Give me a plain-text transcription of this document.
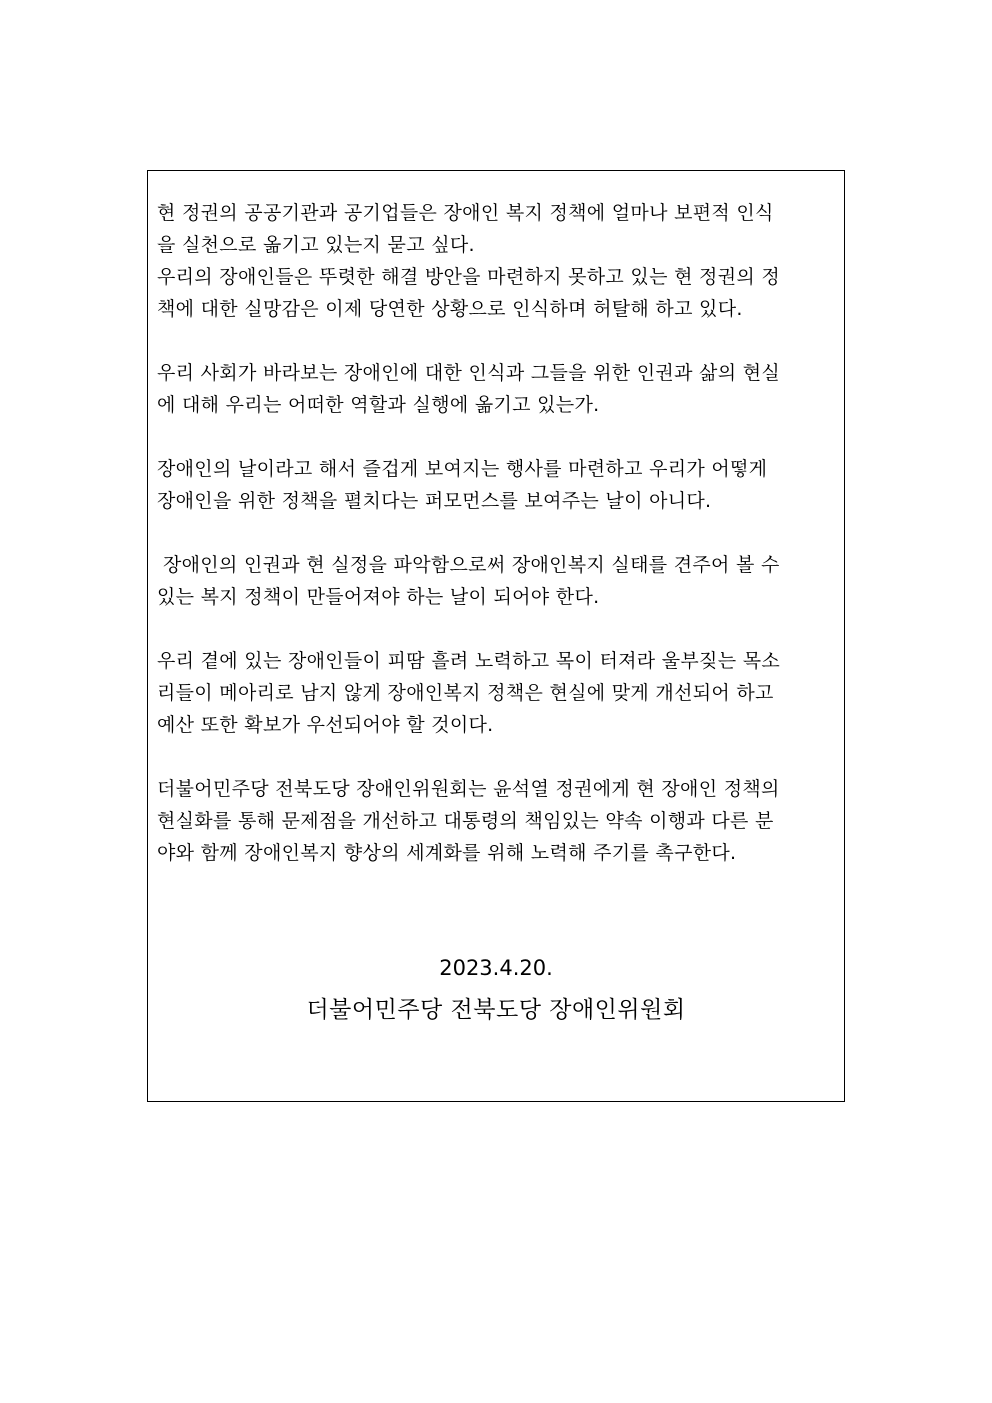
현 정권의 공공기관과 공기업들은 장애인 복지 정책에 얼마나 보편적 인식
을 실천으로 옮기고 있는지 묻고 싶다.

우리의 장애인들은 뚜렷한 해결 방안을 마련하지 못하고 있는 현 정권의 정
책에 대한 실망감은 이제 당연한 상황으로 인식하며 허탈해 하고 있다.

우리 사회가 바라보는 장애인에 대한 인식과 그들을 위한 인권과 삶의 현실
에 대해 우리는 어떠한 역할과 실행에 옮기고 있는가.

장애인의 날이라고 해서 즐겁게 보여지는 행사를 마련하고 우리가 어떻게
장애인을 위한 정책을 펼치다는 퍼모먼스를 보여주는 날이 아니다.

장애인의 인권과 현 실정을 파악함으로써 장애인복지 실태를 견주어 볼 수
있는 복지 정책이 만들어져야 하는 날이 되어야 한다.

우리 곁에 있는 장애인들이 피땀 흘려 노력하고 목이 터져라 울부짖는 목소
리들이 메아리로 남지 않게 장애인복지 정책은 현실에 맞게 개선되어 하고
예산 또한 확보가 우선되어야 할 것이다.

더불어민주당 전북도당 장애인위원회는 윤석열 정권에게 현 장애인 정책의
현실화를 통해 문제점을 개선하고 대통령의 책임있는 약속 이행과 다른 분
야와 함께 장애인복지 향상의 세계화를 위해 노력해 주기를 촉구한다.

2023.4.20.
더불어민주당 전북도당 장애인위원회
